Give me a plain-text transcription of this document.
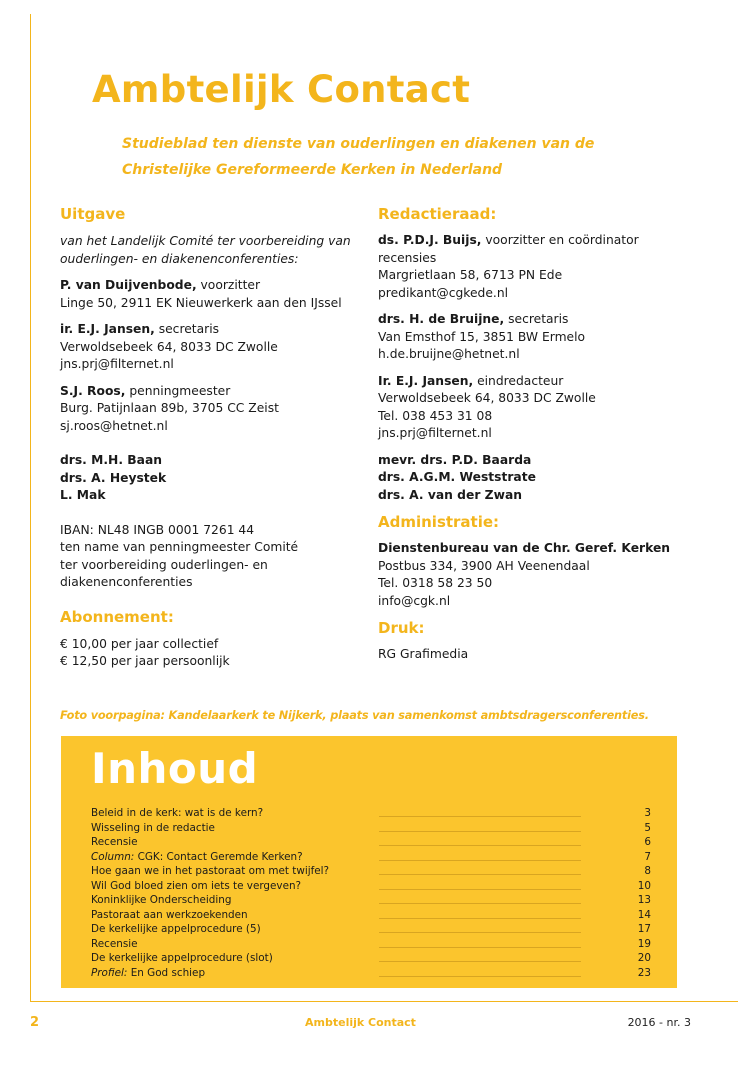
Ambtelijk Contact
Studieblad ten dienste van ouderlingen en diakenen van de
Christelijke Gereformeerde Kerken in Nederland
Uitgave
van het Landelijk Comité ter voorbereiding van
ouderlingen- en diakenenconferenties:
P. van Duijvenbode, voorzitter
Linge 50, 2911 EK Nieuwerkerk aan den IJssel
ir. E.J. Jansen, secretaris
Verwoldsebeek 64, 8033 DC Zwolle
jns.prj@filternet.nl
S.J. Roos, penningmeester
Burg. Patijnlaan 89b, 3705 CC Zeist
sj.roos@hetnet.nl
drs. M.H. Baan
drs. A. Heystek
L. Mak
IBAN: NL48 INGB 0001 7261 44
ten name van penningmeester Comité
ter voorbereiding ouderlingen- en
diakenenconferenties
Abonnement:
€ 10,00 per jaar collectief
€ 12,50 per jaar persoonlijk
Redactieraad:
ds. P.D.J. Buijs, voorzitter en coördinator
recensies
Margrietlaan 58, 6713 PN Ede
predikant@cgkede.nl
drs. H. de Bruijne, secretaris
Van Emsthof 15, 3851 BW Ermelo
h.de.bruijne@hetnet.nl
Ir. E.J. Jansen, eindredacteur
Verwoldsebeek 64, 8033 DC Zwolle
Tel. 038 453 31 08
jns.prj@filternet.nl
mevr. drs. P.D. Baarda
drs. A.G.M. Weststrate
drs. A. van der Zwan
Administratie:
Dienstenbureau van de Chr. Geref. Kerken
Postbus 334, 3900 AH Veenendaal
Tel. 0318 58 23 50
info@cgk.nl
Druk:
RG Grafimedia

Foto voorpagina: Kandelaarkerk te Nijkerk, plaats van samenkomst ambtsdragersconferenties.

Inhoud
Beleid in de kerk: wat is de kern?	3
Wisseling in de redactie	5
Recensie	6
Column: CGK: Contact Geremde Kerken?	7
Hoe gaan we in het pastoraat om met twijfel?	8
Wil God bloed zien om iets te vergeven?	10
Koninklijke Onderscheiding	13
Pastoraat aan werkzoekenden	14
De kerkelijke appelprocedure (5)	17
Recensie	19
De kerkelijke appelprocedure (slot)	20
Profiel: En God schiep	23
2	Ambtelijk Contact	2016 - nr. 3
